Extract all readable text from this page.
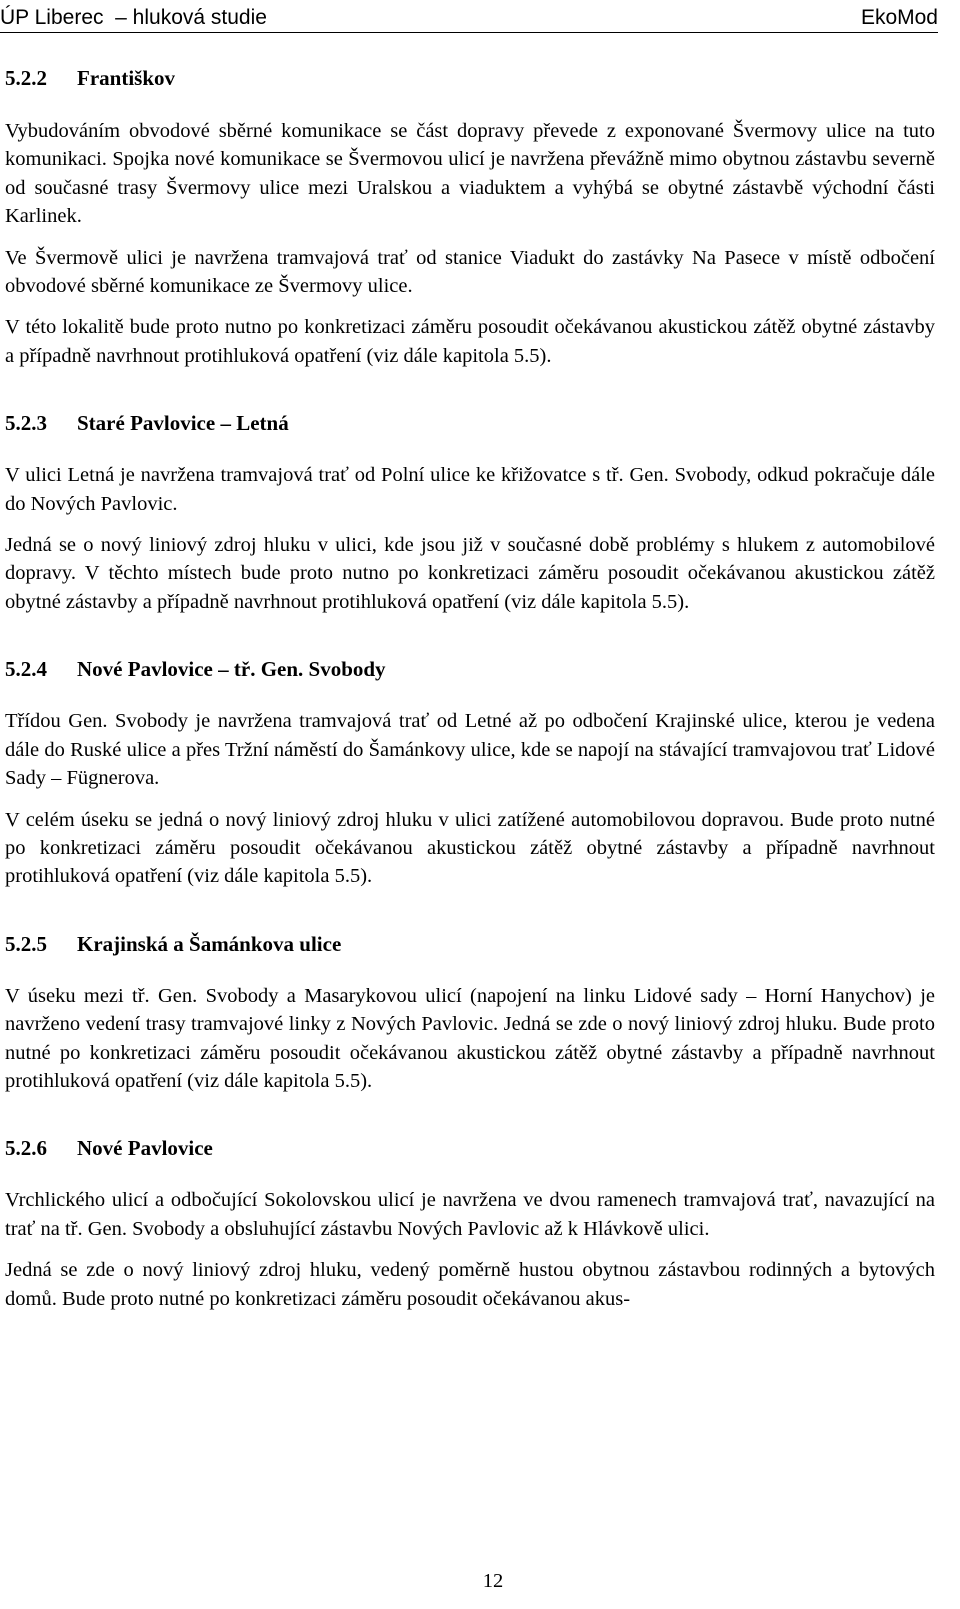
ÚP Liberec  – hluková studie	EkoMod
5.2.2	Františkov

Vybudováním obvodové sběrné komunikace se část dopravy převede z exponované Švermovy ulice na tuto komunikaci. Spojka nové komunikace se Švermovou ulicí je navržena převážně mimo obytnou zástavbu severně od současné trasy Švermovy ulice mezi Uralskou a viaduktem a vyhýbá se obytné zástavbě východní části Karlinek.

Ve Švermově ulici je navržena tramvajová trať od stanice Viadukt do zastávky Na Pasece v místě odbočení obvodové sběrné komunikace ze Švermovy ulice.

V této lokalitě bude proto nutno po konkretizaci záměru posoudit očekávanou akustickou zátěž obytné zástavby a případně navrhnout protihluková opatření (viz dále kapitola 5.5).

5.2.3	Staré Pavlovice – Letná

V ulici Letná je navržena tramvajová trať od Polní ulice ke křižovatce s tř. Gen. Svobody, odkud pokračuje dále do Nových Pavlovic.

Jedná se o nový liniový zdroj hluku v ulici, kde jsou již v současné době problémy s hlukem z automobilové dopravy. V těchto místech bude proto nutno po konkretizaci záměru posoudit očekávanou akustickou zátěž obytné zástavby a případně navrhnout protihluková opatření (viz dále kapitola 5.5).

5.2.4	Nové Pavlovice – tř. Gen. Svobody

Třídou Gen. Svobody je navržena tramvajová trať od Letné až po odbočení Krajinské ulice, kterou je vedena dále do Ruské ulice a přes Tržní náměstí do Šamánkovy ulice, kde se napojí na stávající tramvajovou trať Lidové Sady – Fügnerova.

V celém úseku se jedná o nový liniový zdroj hluku v ulici zatížené automobilovou dopravou. Bude proto nutné po konkretizaci záměru posoudit očekávanou akustickou zátěž obytné zástavby a případně navrhnout protihluková opatření (viz dále kapitola 5.5).

5.2.5	Krajinská a Šamánkova ulice

V úseku mezi tř. Gen. Svobody a Masarykovou ulicí (napojení na linku Lidové sady – Horní Hanychov) je navrženo vedení trasy tramvajové linky z Nových Pavlovic. Jedná se zde o nový liniový zdroj hluku. Bude proto nutné po konkretizaci záměru posoudit očekávanou akustickou zátěž obytné zástavby a případně navrhnout protihluková opatření (viz dále kapitola 5.5).

5.2.6	Nové Pavlovice

Vrchlického ulicí a odbočující Sokolovskou ulicí je navržena ve dvou ramenech tramvajová trať, navazující na trať na tř. Gen. Svobody a obsluhující zástavbu Nových Pavlovic až k Hlávkově ulici.

Jedná se zde o nový liniový zdroj hluku, vedený poměrně hustou obytnou zástavbou rodinných a bytových domů. Bude proto nutné po konkretizaci záměru posoudit očekávanou akus-

12
